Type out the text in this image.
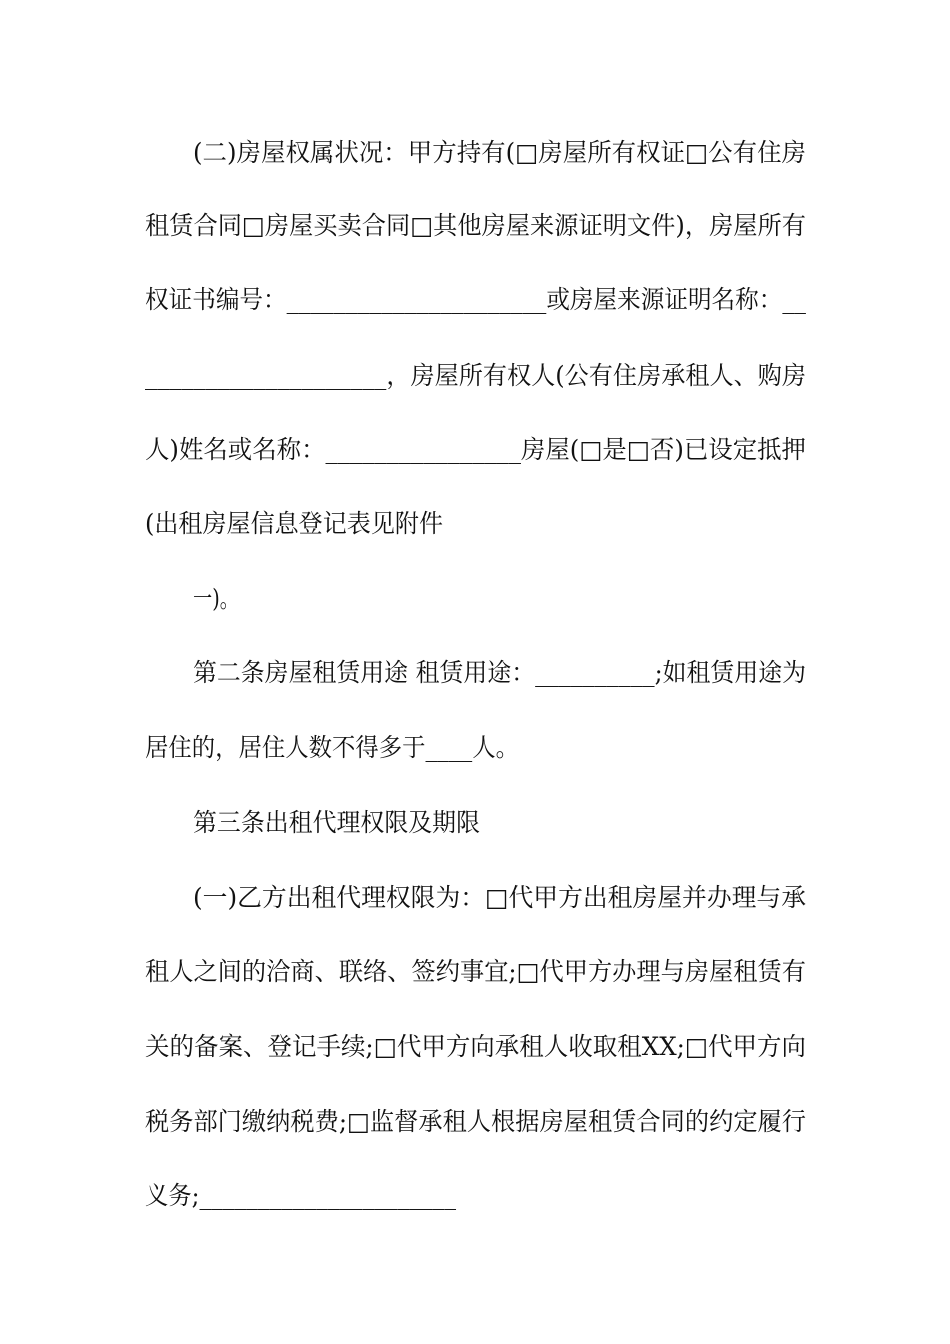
(二)房屋权属状况：甲方持有(□房屋所有权证□公有住房
租赁合同□房屋买卖合同□其他房屋来源证明文件)，房屋所有
权证书编号：______________________或房屋来源证明名称：__
____________________，房屋所有权人(公有住房承租人、购房
人)姓名或名称：________________房屋(□是□否)已设定抵押
(出租房屋信息登记表见附件
一)。
第二条房屋租赁用途 租赁用途：__________;如租赁用途为
居住的，居住人数不得多于____人。
第三条出租代理权限及期限
(一)乙方出租代理权限为：□代甲方出租房屋并办理与承
租人之间的洽商、联络、签约事宜;□代甲方办理与房屋租赁有
关的备案、登记手续;□代甲方向承租人收取租XX;□代甲方向
税务部门缴纳税费;□监督承租人根据房屋租赁合同的约定履行
义务;______________________
